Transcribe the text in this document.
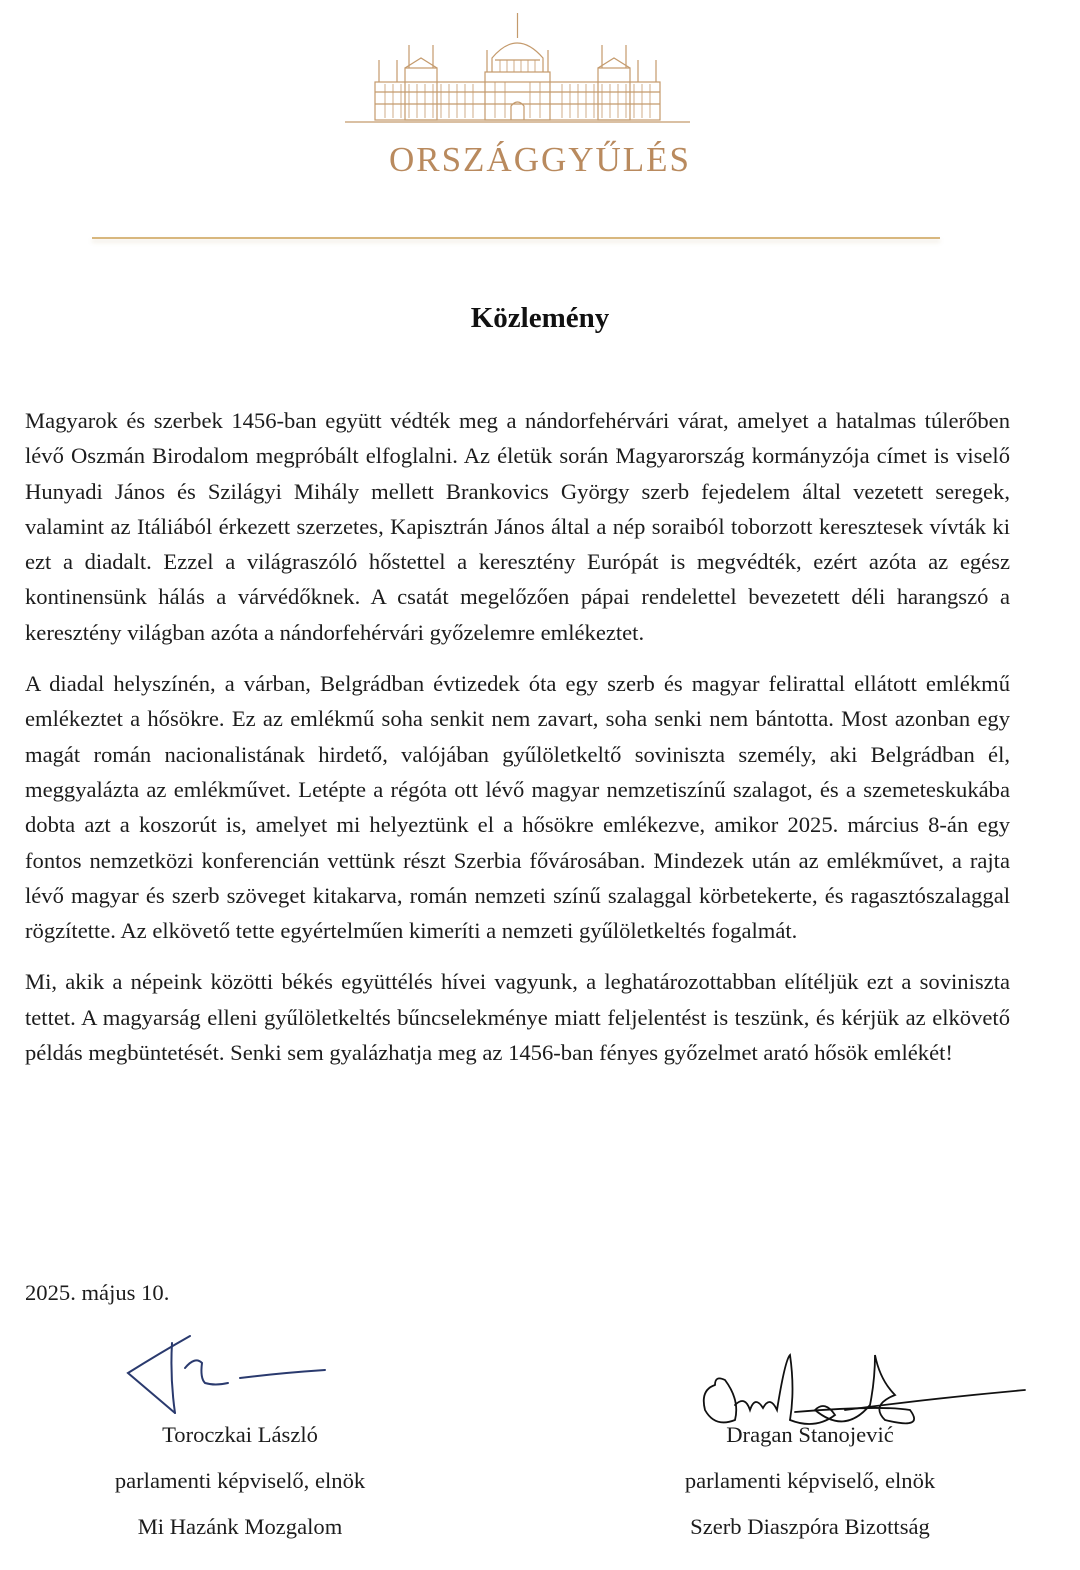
ORSZÁGGYŰLÉS
Közlemény

Magyarok és szerbek 1456-ban együtt védték meg a nándorfehérvári várat, amelyet a hatalmas túlerőben lévő Oszmán Birodalom megpróbált elfoglalni. Az életük során Magyarország kormányzója címet is viselő Hunyadi János és Szilágyi Mihály mellett Brankovics György szerb fejedelem által vezetett seregek, valamint az Itáliából érkezett szerzetes, Kapisztrán János által a nép soraiból toborzott keresztesek vívták ki ezt a diadalt. Ezzel a világraszóló hőstettel a keresztény Európát is megvédték, ezért azóta az egész kontinensünk hálás a várvédőknek. A csatát megelőzően pápai rendelettel bevezetett déli harangszó a keresztény világban azóta a nándorfehérvári győzelemre emlékeztet.

A diadal helyszínén, a várban, Belgrádban évtizedek óta egy szerb és magyar felirattal ellátott emlékmű emlékeztet a hősökre. Ez az emlékmű soha senkit nem zavart, soha senki nem bántotta. Most azonban egy magát román nacionalistának hirdető, valójában gyűlöletkeltő soviniszta személy, aki Belgrádban él, meggyalázta az emlékművet. Letépte a régóta ott lévő magyar nemzetiszínű szalagot, és a szemeteskukába dobta azt a koszorút is, amelyet mi helyeztünk el a hősökre emlékezve, amikor 2025. március 8-án egy fontos nemzetközi konferencián vettünk részt Szerbia fővárosában. Mindezek után az emlékművet, a rajta lévő magyar és szerb szöveget kitakarva, román nemzeti színű szalaggal körbetekerte, és ragasztószalaggal rögzítette. Az elkövető tette egyértelműen kimeríti a nemzeti gyűlöletkeltés fogalmát.

Mi, akik a népeink közötti békés együttélés hívei vagyunk, a leghatározottabban elítéljük ezt a soviniszta tettet. A magyarság elleni gyűlöletkeltés bűncselekménye miatt feljelentést is teszünk, és kérjük az elkövető példás megbüntetését. Senki sem gyalázhatja meg az 1456-ban fényes győzelmet arató hősök emlékét!

2025. május 10.
Toroczkai László
parlamenti képviselő, elnök
Mi Hazánk Mozgalom
Dragan Stanojević
parlamenti képviselő, elnök
Szerb Diaszpóra Bizottság
